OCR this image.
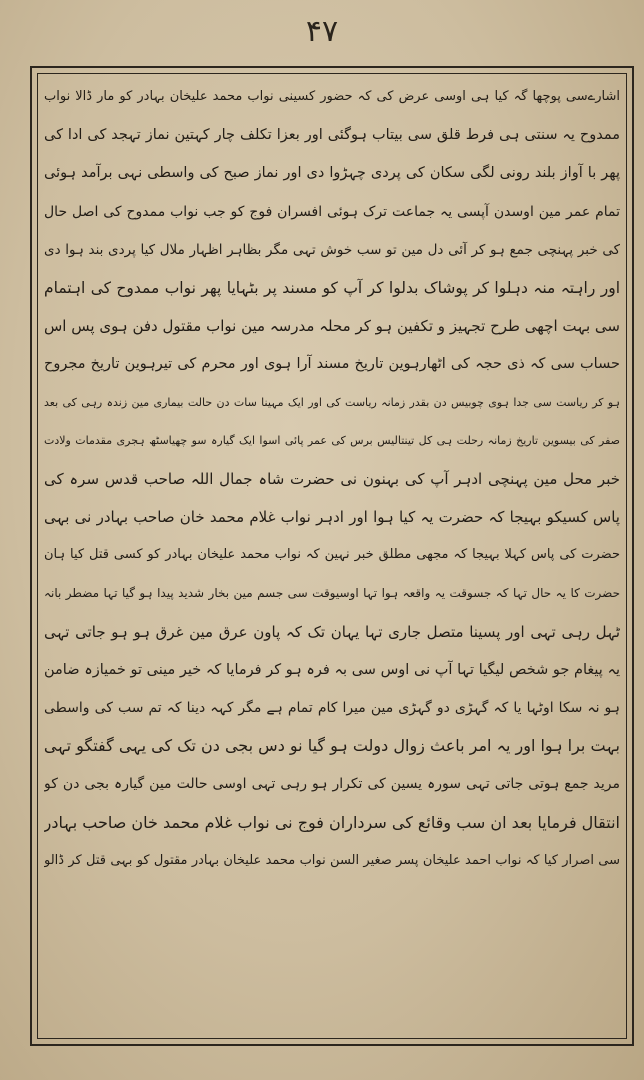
۴۷
اشارےسی پوچھا گہ کیا ہی اوسی عرض کی کہ حضور کسینی نواب محمد علیخان بہادر کو مار ڈالا نواب
ممدوح یہ سنتی ہی فرط قلق سی بیتاب ہوگئی اور بعزا تکلف چار کہتین نماز تہجد کی ادا کی
پھر با آواز بلند رونی لگی سکان کی پردی چہڑوا دی اور نماز صبح کی واسطی نہی برآمد ہوئی
تمام عمر مین اوسدن آپسی یہ جماعت ترک ہوئی افسران فوج کو جب نواب ممدوح کی اصل حال
کی خبر پہنچی جمع ہو کر آئی دل مین تو سب خوش تہی مگر بظاہر اظہار ملال کیا پردی بند ہوا دی
اور راہتہ منہ دہلوا کر پوشاک بدلوا کر آپ کو مسند پر بٹہایا پھر نواب ممدوح کی اہتمام
سی بہت اچھی طرح تجہیز و تکفین ہو کر محلہ مدرسہ مین نواب مقتول دفن ہوی پس اس
حساب سی کہ ذی حجہ کی اٹھارہوین تاریخ مسند آرا ہوی اور محرم کی تیرہوین تاریخ مجروح
ہو کر ریاست سی جدا ہوی چوبیس دن بقدر زمانہ ریاست کی اور ایک مہینا سات دن حالت بیماری مین زندہ رہی کی بعد
صفر کی بیسوین تاریخ زمانہ رحلت ہی کل تینتالیس برس کی عمر پائی اسوا ایک گیارہ سو چھیاسٹھ ہجری مقدمات ولادت
خبر محل مین پہنچی ادہر آپ کی بہنون نی حضرت شاہ جمال اللہ صاحب قدس سرہ کی
پاس کسیکو بہیجا کہ حضرت یہ کیا ہوا اور ادہر نواب غلام محمد خان صاحب بہادر نی بہی
حضرت کی پاس کہلا بہیجا کہ مجھی مطلق خبر نہین کہ نواب محمد علیخان بہادر کو کسی قتل کیا ہان
حضرت کا یہ حال تہا کہ جسوقت یہ واقعہ ہوا تہا اوسیوقت سی جسم مین بخار شدید پیدا ہو گیا تہا مضطر بانہ
ٹہل رہی تہی اور پسینا متصل جاری تہا یہان تک کہ پاون عرق مین غرق ہو ہو جاتی تہی
یہ پیغام جو شخص لیگیا تہا آپ نی اوس سی بہ فرہ ہو کر فرمایا کہ خیر مینی تو خمیازہ ضامن
ہو نہ سکا اوٹہا یا کہ گہڑی دو گہڑی مین میرا کام تمام ہے مگر کہہ دینا کہ تم سب کی واسطی
بہت برا ہوا اور یہ امر باعث زوال دولت ہو گیا نو دس بجی دن تک کی یہی گفتگو تہی
مرید جمع ہوتی جاتی تہی سورہ یسین کی تکرار ہو رہی تہی اوسی حالت مین گیارہ بجی دن کو
انتقال فرمایا بعد ان سب وقائع کی سرداران فوج نی نواب غلام محمد خان صاحب بہادر
سی اصرار کیا کہ نواب احمد علیخان پسر صغیر السن نواب محمد علیخان بہادر مقتول کو بہی قتل کر ڈالو
